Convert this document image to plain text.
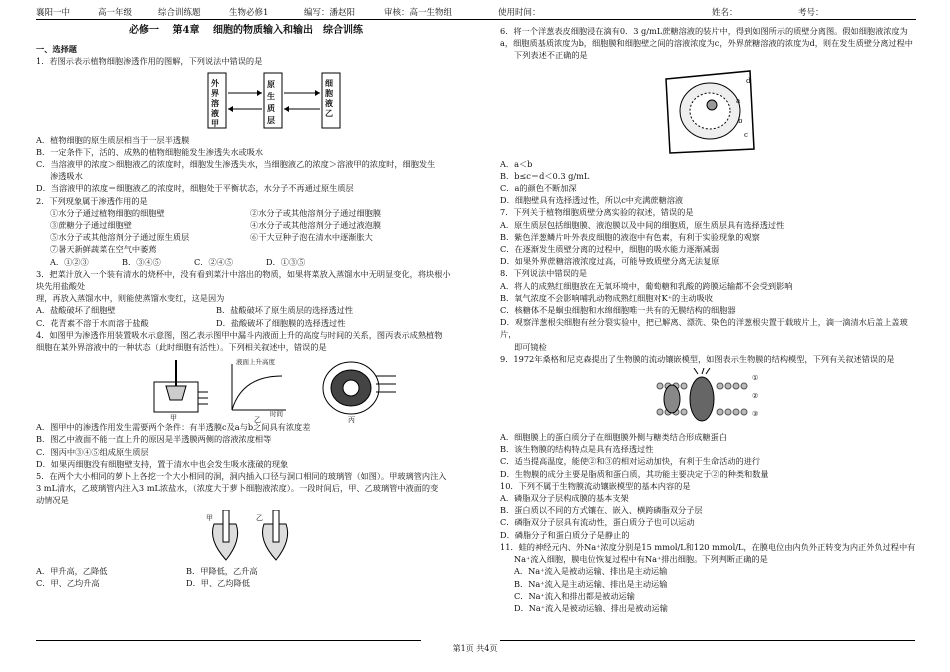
襄阳一中	高一年级	综合训练题	生物必修1	编写：潘赵阳	审核：高一生物组	使用时间：	姓名：	考号：

必修一　 第4章　 细胞的物质输入和输出　综合训练

一、选择题

1．若图示表示植物细胞渗透作用的图解，下列说法中错误的是

外界溶液甲
原生质层
细胞液乙

A．植物细胞的原生质层相当于一层半透膜

B．一定条件下，活的、成熟的植物细胞能发生渗透失水或吸水

C．当溶液甲的浓度＞细胞液乙的浓度时，细胞发生渗透失水，当细胞液乙的浓度＞溶液甲的浓度时，细胞发生

渗透吸水

D．当溶液甲的浓度＝细胞液乙的浓度时，细胞处于平衡状态，水分子不再通过原生质层

2．下列现象属于渗透作用的是

①水分子通过植物细胞的细胞壁	②水分子或其他溶剂分子通过细胞膜
③蔗糖分子通过细胞壁	④水分子或其他溶剂分子通过液泡膜
⑤水分子或其他溶剂分子通过原生质层	⑥干大豆种子泡在清水中逐渐胀大

⑦暑天新鲜蔬菜在空气中萎蔫

A．①②③	B．③④⑤	C．②④⑤	D．①③⑤

3．把菜汁放入一个装有清水的烧杯中，没有看到菜汁中溶出的物质，如果将菜放入蒸馏水中无明显变化，将块根小块先用盐酸处

理，再放入蒸馏水中，则能使蒸馏水变红，这是因为

A．盐酸破坏了细胞壁	B．盐酸破坏了原生质层的选择透过性
C．花青素不溶于水而溶于盐酸	D．盐酸破坏了细胞膜的选择透过性

4．如图甲为渗透作用装置吸水示意图，图乙表示图甲中漏斗内液面上升的高度与时间的关系，图丙表示成熟植物

细胞在某外界溶液中的一种状态（此时细胞有活性）。下列相关叙述中，错误的是

液面上升高度
时间
甲	乙	丙

A．图甲中的渗透作用发生需要两个条件：有半透膜c及a与b之间具有浓度差

B．图乙中液面不能一直上升的原因是半透膜两侧的溶液浓度相等

C．图丙中③④⑤组成原生质层

D．如果丙细胞没有细胞壁支持，置于清水中也会发生吸水涨破的现象

5．在两个大小相同的萝卜上各挖一个大小相同的洞，洞内插入口径与洞口相同的玻璃管（如图）。甲玻璃管内注入

3 mL清水，乙玻璃管内注入3 mL浓盐水，（浓度大于萝卜细胞液浓度）。一段时间后，甲、乙玻璃管中液面的变

动情况是

甲	乙
A．甲升高，乙降低	B．甲降低，乙升高
C．甲、乙均升高	D．甲、乙均降低

6．将一个洋葱表皮细胞浸在滴有0．3 g/mL蔗糖溶液的装片中，得到如图所示的质壁分离图。假如细胞液浓度为

a，细胞质基质浓度为b，细胞膜和细胞壁之间的溶液浓度为c，外界蔗糖溶液的浓度为d，则在发生质壁分离过程中

下列表述不正确的是

a
b
c
d

A．a＜b

B．b≤c＝d＜0.3 g/mL

C．a的颜色不断加深

D．细胞壁具有选择透过性，所以c中充满蔗糖溶液

7．下列关于植物细胞质壁分离实验的叙述，错误的是

A．原生质层包括细胞膜、液泡膜以及中间的细胞质，原生质层具有选择透过性

B．紫色洋葱鳞片叶外表皮细胞的液泡中有色素，有利于实验现象的观察

C．在逐渐发生质壁分离的过程中，细胞的吸水能力逐渐减弱

D．如果外界蔗糖溶液浓度过高，可能导致质壁分离无法复原

8．下列说法中错误的是

A．将人的成熟红细胞放在无氧环境中，葡萄糖和乳酸的跨膜运输都不会受到影响

B．氧气浓度不会影响哺乳动物成熟红细胞对K⁺的主动吸收

C．核糖体不是蛔虫细胞和水绵细胞唯一共有的无膜结构的细胞器

D．观察洋葱根尖细胞有丝分裂实验中，把已解离、漂洗、染色的洋葱根尖置于载玻片上，滴一滴清水后盖上盖玻片，

即可镜检

9．1972年桑格和尼克森提出了生物膜的流动镶嵌模型，如图表示生物膜的结构模型，下列有关叙述错误的是

①
②
③

A．细胞膜上的蛋白质分子在细胞膜外侧与糖类结合形成糖蛋白

B．该生物膜的结构特点是具有选择透过性

C．适当提高温度，能使②和③的相对运动加快，有利于生命活动的进行

D．生物膜的成分主要是脂质和蛋白质，其功能主要决定于②的种类和数量

10．下列不属于生物膜流动镶嵌模型的基本内容的是

A．磷脂双分子层构成膜的基本支架

B．蛋白质以不同的方式镶在、嵌入、横跨磷脂双分子层

C．磷脂双分子层具有流动性，蛋白质分子也可以运动

D．磷脂分子和蛋白质分子是静止的

11．蛙的神经元内、外Na⁺浓度分别是15 mmol/L和120 mmol/L，在膜电位由内负外正转变为内正外负过程中有

Na⁺流入细胞，膜电位恢复过程中有Na⁺排出细胞。下列判断正确的是

A．Na⁺流入是被动运输、排出是主动运输

B．Na⁺流入是主动运输、排出是主动运输

C．Na⁺流入和排出都是被动运输

D．Na⁺流入是被动运输、排出是被动运输

第1页 共4页
